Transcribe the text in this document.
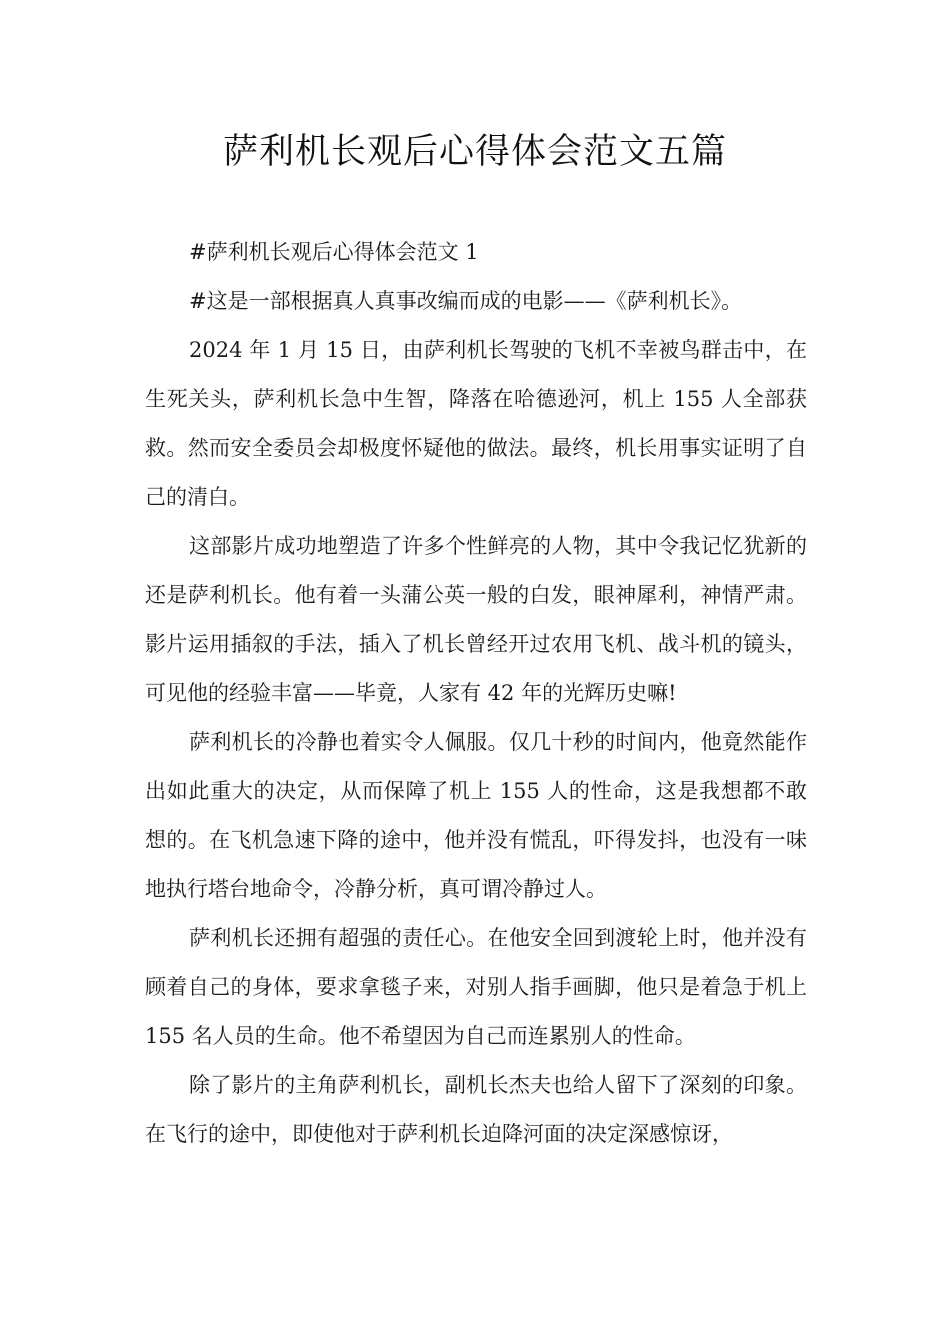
萨利机长观后心得体会范文五篇

#萨利机长观后心得体会范文 1

#这是一部根据真人真事改编而成的电影——《萨利机长》。

2024 年 1 月 15 日，由萨利机长驾驶的飞机不幸被鸟群击中，在生死关头，萨利机长急中生智，降落在哈德逊河，机上 155 人全部获救。然而安全委员会却极度怀疑他的做法。最终，机长用事实证明了自己的清白。

这部影片成功地塑造了许多个性鲜亮的人物，其中令我记忆犹新的还是萨利机长。他有着一头蒲公英一般的白发，眼神犀利，神情严肃。影片运用插叙的手法，插入了机长曾经开过农用飞机、战斗机的镜头，可见他的经验丰富——毕竟，人家有 42 年的光辉历史嘛!

萨利机长的冷静也着实令人佩服。仅几十秒的时间内，他竟然能作出如此重大的决定，从而保障了机上 155 人的性命，这是我想都不敢想的。在飞机急速下降的途中，他并没有慌乱，吓得发抖，也没有一味地执行塔台地命令，冷静分析，真可谓冷静过人。

萨利机长还拥有超强的责任心。在他安全回到渡轮上时，他并没有顾着自己的身体，要求拿毯子来，对别人指手画脚，他只是着急于机上 155 名人员的生命。他不希望因为自己而连累别人的性命。

除了影片的主角萨利机长，副机长杰夫也给人留下了深刻的印象。在飞行的途中，即使他对于萨利机长迫降河面的决定深感惊讶，
